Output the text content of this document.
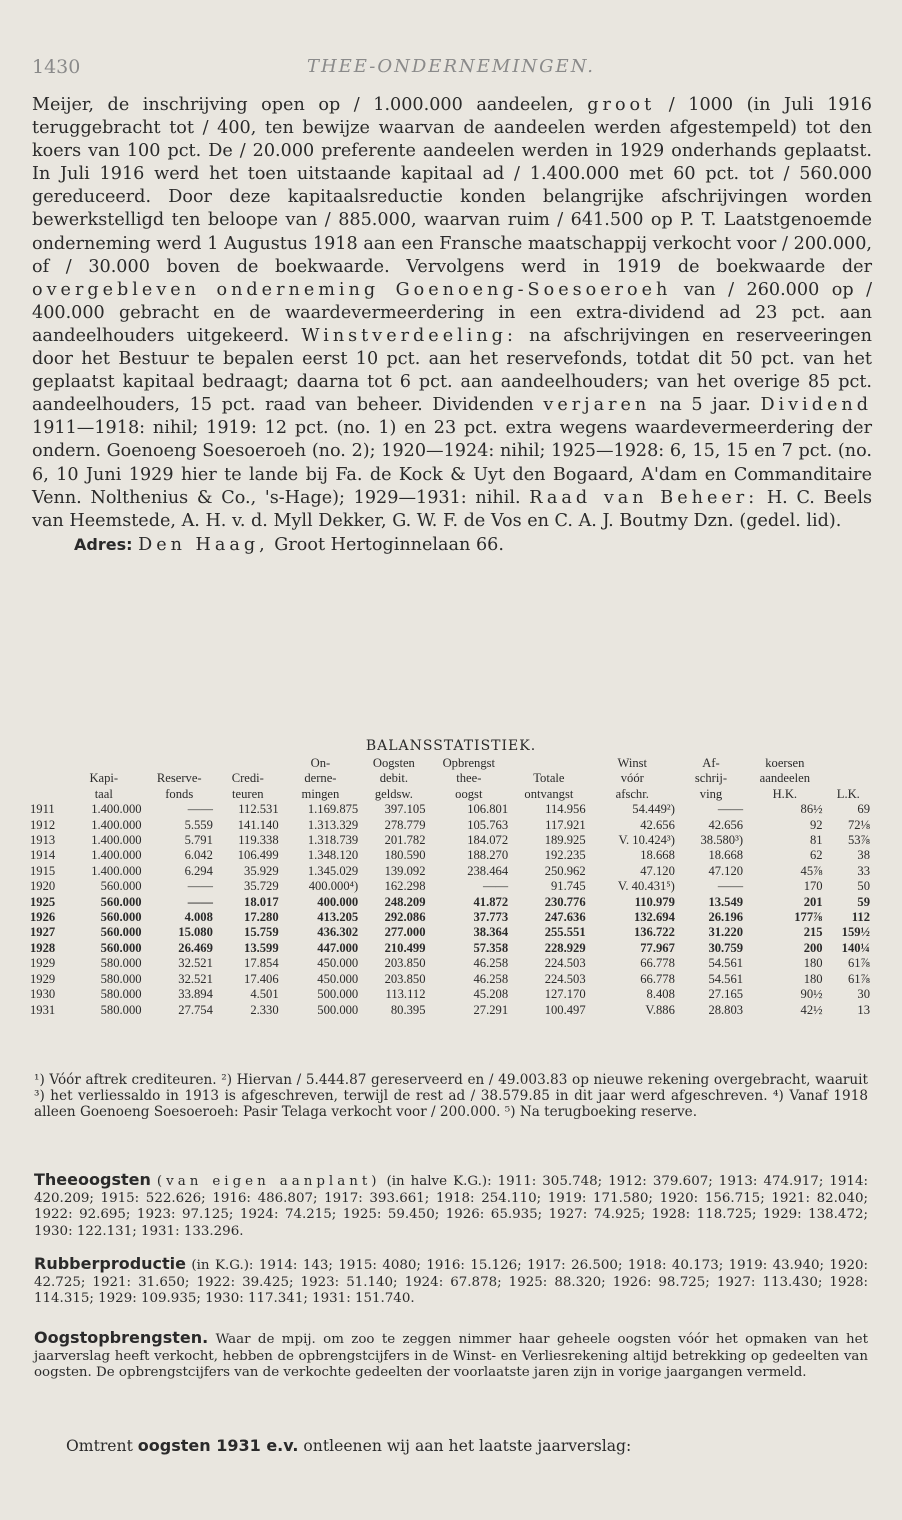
1430	THEE-ONDERNEMINGEN.

Meijer, de inschrijving open op / 1.000.000 aandeelen, groot / 1000 (in Juli 1916 teruggebracht tot / 400, ten bewijze waarvan de aandeelen werden afgestempeld) tot den koers van 100 pct. De / 20.000 preferente aandeelen werden in 1929 onderhands geplaatst. In Juli 1916 werd het toen uitstaande kapitaal ad / 1.400.000 met 60 pct. tot / 560.000 gereduceerd. Door deze kapitaalsreductie konden belangrijke afschrijvingen worden bewerkstelligd ten beloope van / 885.000, waarvan ruim / 641.500 op P. T. Laatstgenoemde onderneming werd 1 Augustus 1918 aan een Fransche maatschappij verkocht voor / 200.000, of / 30.000 boven de boekwaarde. Vervolgens werd in 1919 de boekwaarde der overgebleven onderneming Goenoeng-Soesoeroeh van / 260.000 op / 400.000 gebracht en de waardevermeerdering in een extra-dividend ad 23 pct. aan aandeelhouders uitgekeerd. Winstverdeeling: na afschrijvingen en reserveeringen door het Bestuur te bepalen eerst 10 pct. aan het reservefonds, totdat dit 50 pct. van het geplaatst kapitaal bedraagt; daarna tot 6 pct. aan aandeelhouders; van het overige 85 pct. aandeelhouders, 15 pct. raad van beheer. Dividenden verjaren na 5 jaar. Dividend 1911—1918: nihil; 1919: 12 pct. (no. 1) en 23 pct. extra wegens waardevermeerdering der ondern. Goenoeng Soesoeroeh (no. 2); 1920—1924: nihil; 1925—1928: 6, 15, 15 en 7 pct. (no. 6, 10 Juni 1929 hier te lande bij Fa. de Kock & Uyt den Bogaard, A'dam en Commanditaire Venn. Nolthenius & Co., 's-Hage); 1929—1931: nihil. Raad van Beheer: H. C. Beels van Heemstede, A. H. v. d. Myll Dekker, G. W. F. de Vos en C. A. J. Boutmy Dzn. (gedel. lid).

Adres: Den Haag, Groot Hertoginnelaan 66.

BALANSSTATISTIEK.
				On-	Oogsten	Opbrengst		Winst	Af-	koersen	
	Kapi-	Reserve-	Credi-	derne-	debit.	thee-	Totale	vóór	schrij-	aandeelen	
	taal	fonds	teuren	mingen	geldsw.	oogst	ontvangst	afschr.	ving	H.K.	L.K.
1911	1.400.000	——	112.531	1.169.875	397.105	106.801	114.956	54.449²)	——	86½	69
1912	1.400.000	5.559	141.140	1.313.329	278.779	105.763	117.921	42.656	42.656	92	72⅛
1913	1.400.000	5.791	119.338	1.318.739	201.782	184.072	189.925	V. 10.424³)	38.580³)	81	53⅞
1914	1.400.000	6.042	106.499	1.348.120	180.590	188.270	192.235	18.668	18.668	62	38
1915	1.400.000	6.294	35.929	1.345.029	139.092	238.464	250.962	47.120	47.120	45⅞	33
1920	560.000	——	35.729	400.000⁴)	162.298	——	91.745	V. 40.431⁵)	——	170	50
1925	560.000	——	18.017	400.000	248.209	41.872	230.776	110.979	13.549	201	59
1926	560.000	4.008	17.280	413.205	292.086	37.773	247.636	132.694	26.196	177⅞	112
1927	560.000	15.080	15.759	436.302	277.000	38.364	255.551	136.722	31.220	215	159½
1928	560.000	26.469	13.599	447.000	210.499	57.358	228.929	77.967	30.759	200	140¼
1929	580.000	32.521	17.854	450.000	203.850	46.258	224.503	66.778	54.561	180	61⅞
1929	580.000	32.521	17.406	450.000	203.850	46.258	224.503	66.778	54.561	180	61⅞
1930	580.000	33.894	4.501	500.000	113.112	45.208	127.170	8.408	27.165	90½	30
1931	580.000	27.754	2.330	500.000	80.395	27.291	100.497	V.886	28.803	42½	13

¹) Vóór aftrek crediteuren. ²) Hiervan / 5.444.87 gereserveerd en / 49.003.83 op nieuwe rekening overgebracht, waaruit ³) het verliessaldo in 1913 is afgeschreven, terwijl de rest ad / 38.579.85 in dit jaar werd afgeschreven. ⁴) Vanaf 1918 alleen Goenoeng Soesoeroeh: Pasir Telaga verkocht voor / 200.000. ⁵) Na terugboeking reserve.

Theeoogsten (van eigen aanplant) (in halve K.G.): 1911: 305.748; 1912: 379.607; 1913: 474.917; 1914: 420.209; 1915: 522.626; 1916: 486.807; 1917: 393.661; 1918: 254.110; 1919: 171.580; 1920: 156.715; 1921: 82.040; 1922: 92.695; 1923: 97.125; 1924: 74.215; 1925: 59.450; 1926: 65.935; 1927: 74.925; 1928: 118.725; 1929: 138.472; 1930: 122.131; 1931: 133.296.

Rubberproductie (in K.G.): 1914: 143; 1915: 4080; 1916: 15.126; 1917: 26.500; 1918: 40.173; 1919: 43.940; 1920: 42.725; 1921: 31.650; 1922: 39.425; 1923: 51.140; 1924: 67.878; 1925: 88.320; 1926: 98.725; 1927: 113.430; 1928: 114.315; 1929: 109.935; 1930: 117.341; 1931: 151.740.

Oogstopbrengsten. Waar de mpij. om zoo te zeggen nimmer haar geheele oogsten vóór het opmaken van het jaarverslag heeft verkocht, hebben de opbrengstcijfers in de Winst- en Verliesrekening altijd betrekking op gedeelten van oogsten. De opbrengstcijfers van de verkochte gedeelten der voorlaatste jaren zijn in vorige jaargangen vermeld.

Omtrent oogsten 1931 e.v. ontleenen wij aan het laatste jaarverslag:
